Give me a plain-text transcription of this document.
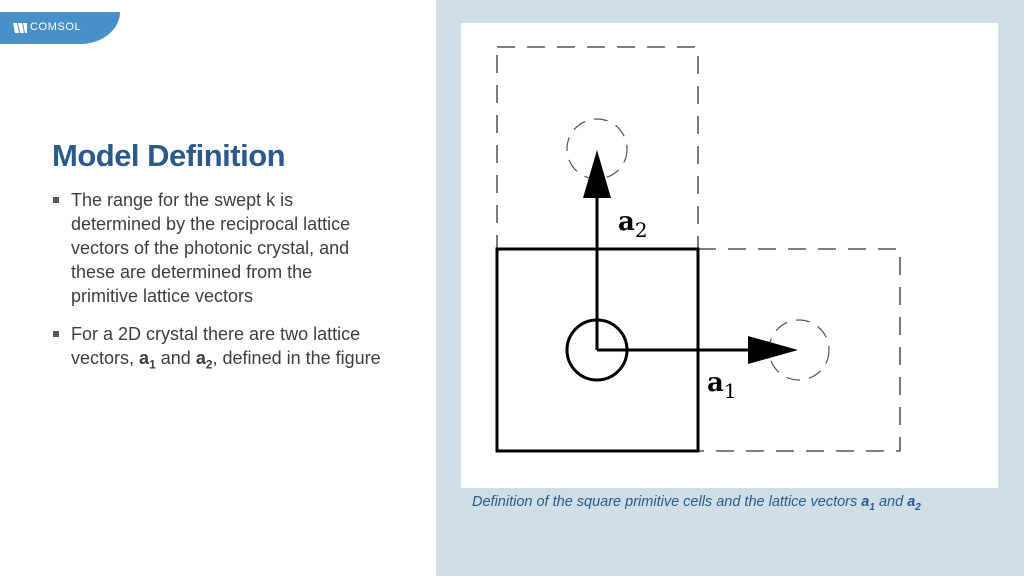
COMSOL
Model Definition
The range for the swept k is determined by the reciprocal lattice vectors of the photonic crystal, and these are determined from the primitive lattice vectors
For a 2D crystal there are two lattice vectors, $a_1$ and $a_2$, defined in the figure
$a_2$
$a_1$
Definition of the square primitive cells and the lattice vectors $a_1$ and $a_2$
